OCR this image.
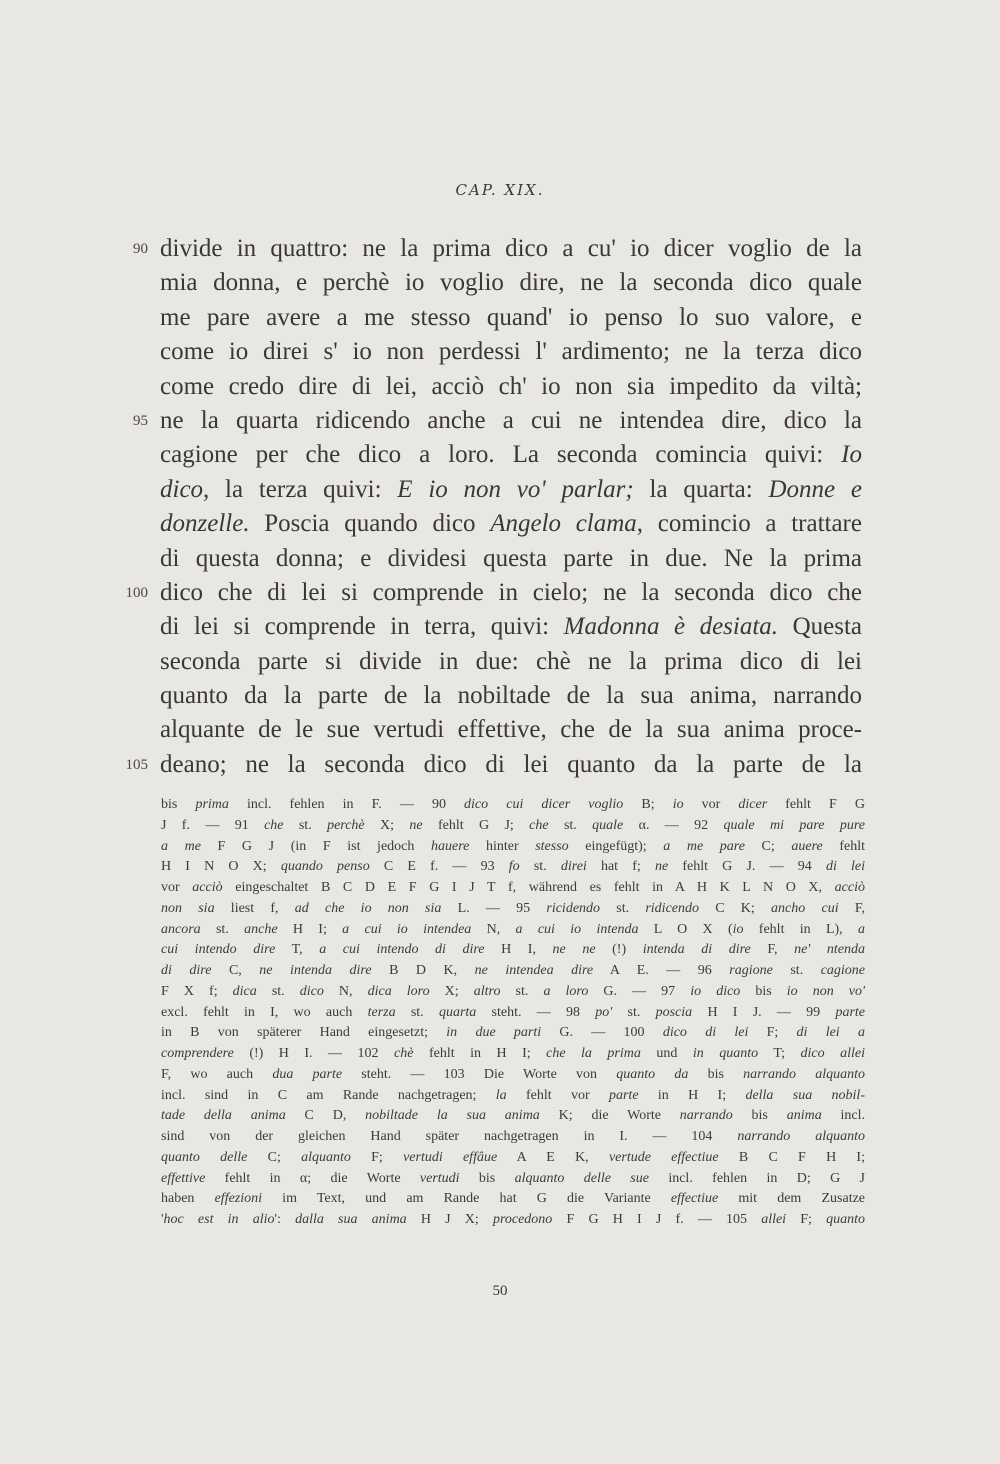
CAP. XIX.
90 divide in quattro: ne la prima dico a cu' io dicer voglio de la
mia donna, e perchè io voglio dire, ne la seconda dico quale
me pare avere a me stesso quand' io penso lo suo valore, e
come io direi s' io non perdessi l' ardimento; ne la terza dico
come credo dire di lei, acciò ch' io non sia impedito da viltà;
95 ne la quarta ridicendo anche a cui ne intendea dire, dico la
cagione per che dico a loro. La seconda comincia quivi: Io
dico, la terza quivi: E io non vo' parlar; la quarta: Donne e
donzelle. Poscia quando dico Angelo clama, comincio a trattare
di questa donna; e dividesi questa parte in due. Ne la prima
100 dico che di lei si comprende in cielo; ne la seconda dico che
di lei si comprende in terra, quivi: Madonna è desiata. Questa
seconda parte si divide in due: chè ne la prima dico di lei
quanto da la parte de la nobiltade de la sua anima, narrando
alquante de le sue vertudi effettive, che de la sua anima proce-
105 deano; ne la seconda dico di lei quanto da la parte de la
bis prima incl. fehlen in F. — 90 dico cui dicer voglio B; io vor dicer fehlt F G
J f. — 91 che st. perchè X; ne fehlt G J; che st. quale α. — 92 quale mi pare pure
a me F G J (in F ist jedoch hauere hinter stesso eingefügt); a me pare C; auere fehlt
H I N O X; quando penso C E f. — 93 fo st. direi hat f; ne fehlt G J. — 94 di lei
vor acciò eingeschaltet B C D E F G I J T f, während es fehlt in A H K L N O X, acciò
non sia liest f, ad che io non sia L. — 95 ricidendo st. ridicendo C K; ancho cui F,
ancora st. anche H I; a cui io intendea N, a cui io intenda L O X (io fehlt in L), a
cui intendo dire T, a cui intendo di dire H I, ne ne (!) intenda di dire F, ne' ntenda
di dire C, ne intenda dire B D K, ne intendea dire A E. — 96 ragione st. cagione
F X f; dica st. dico N, dica loro X; altro st. a loro G. — 97 io dico bis io non vo'
excl. fehlt in I, wo auch terza st. quarta steht. — 98 po' st. poscia H I J. — 99 parte
in B von späterer Hand eingesetzt; in due parti G. — 100 dico di lei F; di lei a
comprendere (!) H I. — 102 chè fehlt in H I; che la prima und in quanto T; dico allei
F, wo auch dua parte steht. — 103 Die Worte von quanto da bis narrando alquanto
incl. sind in C am Rande nachgetragen; la fehlt vor parte in H I; della sua nobil-
tade della anima C D, nobiltade la sua anima K; die Worte narrando bis anima incl.
sind von der gleichen Hand später nachgetragen in I. — 104 narrando alquanto
quanto delle C; alquanto F; vertudi effâue A E K, vertude effectiue B C F H I;
effettive fehlt in α; die Worte vertudi bis alquanto delle sue incl. fehlen in D; G J
haben effezioni im Text, und am Rande hat G die Variante effectiue mit dem Zusatze
'hoc est in alio': dalla sua anima H J X; procedono F G H I J f. — 105 allei F; quanto
50
